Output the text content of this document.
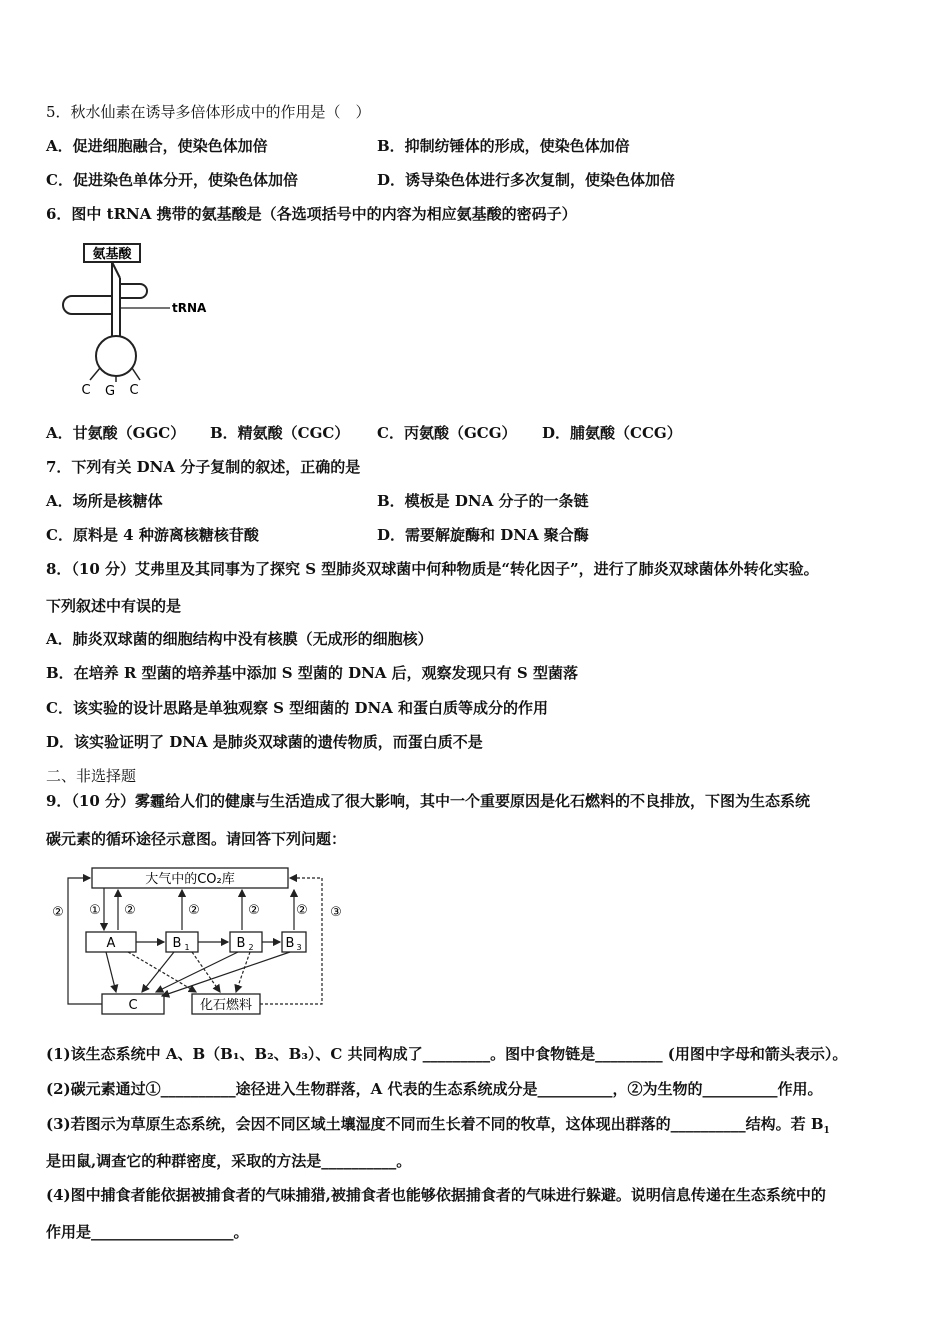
5．秋水仙素在诱导多倍体形成中的作用是（　）
A．促进细胞融合，使染色体加倍	B．抑制纺锤体的形成，使染色体加倍
C．促进染色单体分开，使染色体加倍	D．诱导染色体进行多次复制，使染色体加倍
6．图中 tRNA 携带的氨基酸是（各选项括号中的内容为相应氨基酸的密码子）
氨基酸
tRNA
C G C
A．甘氨酸（GGC） B．精氨酸（CGC） C．丙氨酸（GCG） D．脯氨酸（CCG）
7．下列有关 DNA 分子复制的叙述，正确的是
A．场所是核糖体	B．模板是 DNA 分子的一条链
C．原料是 4 种游离核糖核苷酸	D．需要解旋酶和 DNA 聚合酶
8．（10 分）艾弗里及其同事为了探究 S 型肺炎双球菌中何种物质是“转化因子”，进行了肺炎双球菌体外转化实验。
下列叙述中有误的是
A．肺炎双球菌的细胞结构中没有核膜（无成形的细胞核）
B．在培养 R 型菌的培养基中添加 S 型菌的 DNA 后，观察发现只有 S 型菌落
C．该实验的设计思路是单独观察 S 型细菌的 DNA 和蛋白质等成分的作用
D．该实验证明了 DNA 是肺炎双球菌的遗传物质，而蛋白质不是
二、非选择题
9．（10 分）雾霾给人们的健康与生活造成了很大影响，其中一个重要原因是化石燃料的不良排放，下图为生态系统
碳元素的循环途径示意图。请回答下列问题：
大气中的CO₂库
A	B 1	B 2 B 3
C	化石燃料
① ②	②	②	②
②	③
(1)该生态系统中 A、B（B₁、B₂、B₃）、C 共同构成了_________。图中食物链是_________ (用图中字母和箭头表示）。
(2)碳元素通过①__________途径进入生物群落，A 代表的生态系统成分是__________，②为生物的__________作用。
(3)若图示为草原生态系统，会因不同区域土壤湿度不同而生长着不同的牧草，这体现出群落的__________结构。若 $B_1$
是田鼠,调查它的种群密度，采取的方法是__________。
(4)图中捕食者能依据被捕食者的气味捕猎,被捕食者也能够依据捕食者的气味进行躲避。说明信息传递在生态系统中的
作用是___________________。
